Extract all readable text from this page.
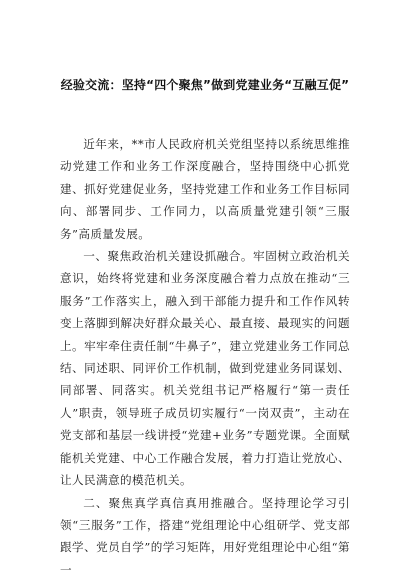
经验交流：坚持“四个聚焦”做到党建业务“互融互促”

近年来，**市人民政府机关党组坚持以系统思维推动党建工作和业务工作深度融合，坚持围绕中心抓党建、抓好党建促业务，坚持党建工作和业务工作目标同向、部署同步、工作同力，以高质量党建引领“三服务”高质量发展。

一、聚焦政治机关建设抓融合。牢固树立政治机关意识，始终将党建和业务深度融合着力点放在推动“三服务”工作落实上，融入到干部能力提升和工作作风转变上落脚到解决好群众最关心、最直接、最现实的问题上。牢牢牵住责任制“牛鼻子”，建立党建业务工作同总结、同述职、同评价工作机制，做到党建业务同谋划、同部署、同落实。机关党组书记严格履行“第一责任人”职责，领导班子成员切实履行“一岗双责”，主动在党支部和基层一线讲授“党建+业务”专题党课。全面赋能机关党建、中心工作融合发展，着力打造让党放心、让人民满意的模范机关。

二、聚焦真学真信真用推融合。坚持理论学习引领“三服务”工作，搭建“党组理论中心组研学、党支部跟学、党员自学”的学习矩阵，用好党组理论中心组“第一
